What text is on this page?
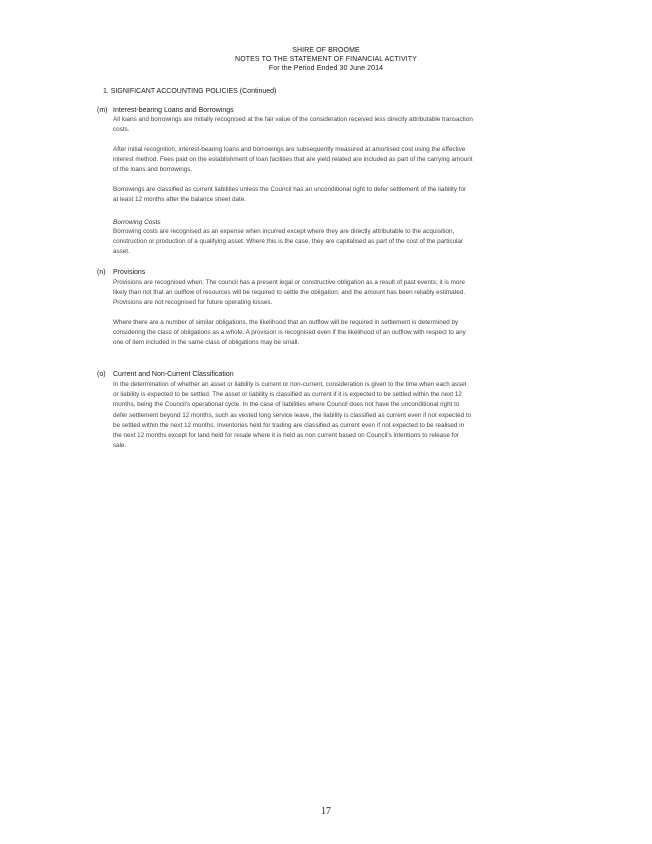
SHIRE OF BROOME
NOTES TO THE STATEMENT OF FINANCIAL ACTIVITY
For the Period Ended 30 June 2014
1. SIGNIFICANT ACCOUNTING POLICIES (Continued)
(m) Interest-bearing Loans and Borrowings
All loans and borrowings are initially recognised at the fair value of the consideration received less directly attributable transaction costs.
After initial recognition, interest-bearing loans and borrowings are subsequently measured at amortised cost using the effective interest method. Fees paid on the establishment of loan facilities that are yield related are included as part of the carrying amount of the loans and borrowings.
Borrowings are classified as current liabilities unless the Council has an unconditional right to defer settlement of the liability for at least 12 months after the balance sheet date.
Borrowing Costs
Borrowing costs are recognised as an expense when incurred except where they are directly attributable to the acquisition, construction or production of a qualifying asset. Where this is the case, they are capitalised as part of the cost of the particular asset.
(n) Provisions
Provisions are recognised when: The council has a present legal or constructive obligation as a result of past events; it is more likely than not that an outflow of resources will be required to settle the obligation; and the amount has been reliably estimated. Provisions are not recognised for future operating losses.
Where there are a number of similar obligations, the likelihood that an outflow will be required in settlement is determined by considering the class of obligations as a whole. A provision is recognised even if the likelihood of an outflow with respect to any one of item included in the same class of obligations may be small.
(o) Current and Non-Current Classification
In the determination of whether an asset or liability is current or non-current, consideration is given to the time when each asset or liability is expected to be settled. The asset or liability is classified as current if it is expected to be settled within the next 12 months, being the Council's operational cycle. In the case of liabilities where Council does not have the unconditional right to defer settlement beyond 12 months, such as vested long service leave, the liability is classified as current even if not expected to be settled within the next 12 months. Inventories held for trading are classified as current even if not expected to be realised in the next 12 months except for land held for resale where it is held as non current based on Council's intentions to release for sale.
17
